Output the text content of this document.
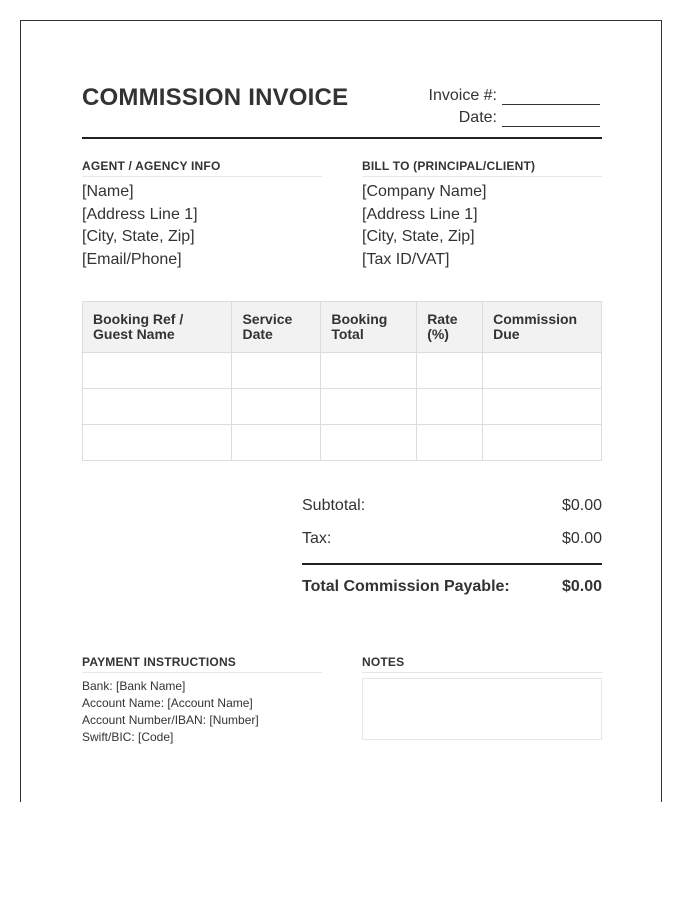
COMMISSION INVOICE	Invoice #:
Date:
AGENT / AGENCY INFO
[Name]
[Address Line 1]
[City, State, Zip]
[Email/Phone]
BILL TO (PRINCIPAL/CLIENT)
[Company Name]
[Address Line 1]
[City, State, Zip]
[Tax ID/VAT]
Booking Ref / Guest Name	Service Date	Booking Total	Rate (%)	Commission Due

Subtotal:	$0.00
Tax:	$0.00
Total Commission Payable:	$0.00
PAYMENT INSTRUCTIONS
Bank: [Bank Name]
Account Name: [Account Name]
Account Number/IBAN: [Number]
Swift/BIC: [Code]
NOTES
